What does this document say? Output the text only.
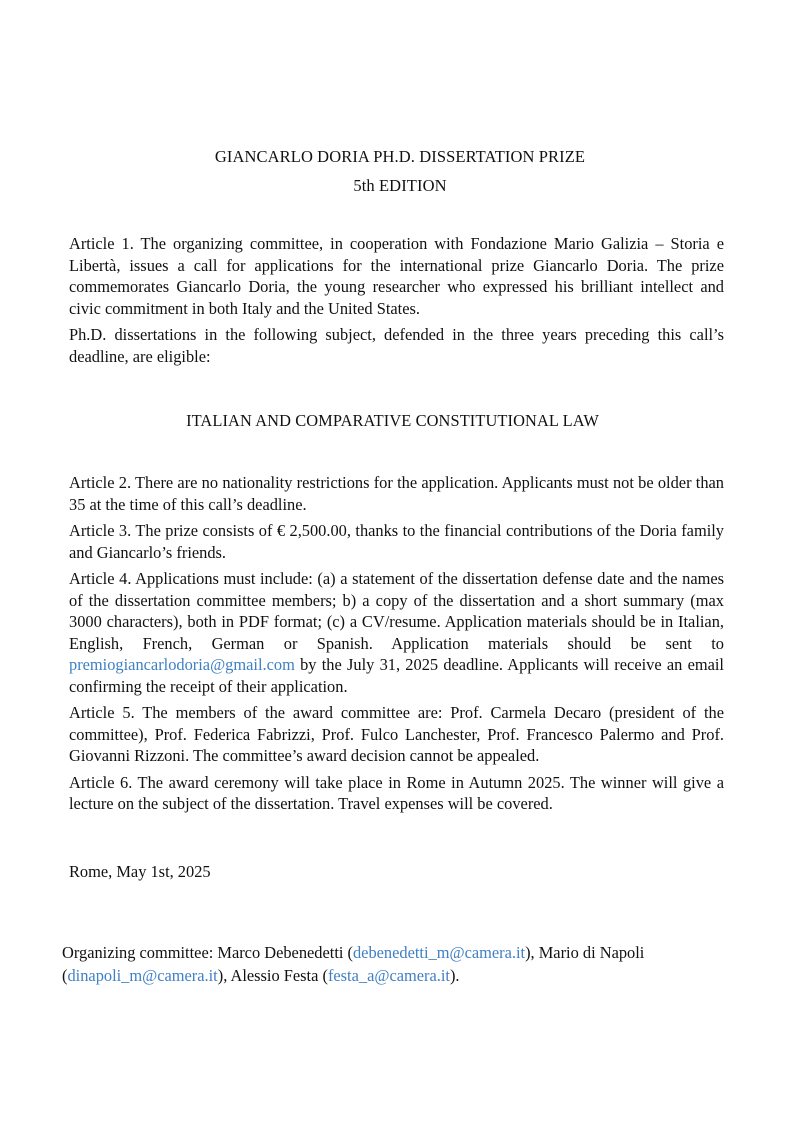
GIANCARLO DORIA PH.D. DISSERTATION PRIZE
5th EDITION

Article 1. The organizing committee, in cooperation with Fondazione Mario Galizia – Storia e Libertà, issues a call for applications for the international prize Giancarlo Doria. The prize commemorates Giancarlo Doria, the young researcher who expressed his brilliant intellect and civic commitment in both Italy and the United States.

Ph.D. dissertations in the following subject, defended in the three years preceding this call’s deadline, are eligible:

ITALIAN AND COMPARATIVE CONSTITUTIONAL LAW

Article 2. There are no nationality restrictions for the application. Applicants must not be older than 35 at the time of this call’s deadline.

Article 3. The prize consists of € 2,500.00, thanks to the financial contributions of the Doria family and Giancarlo’s friends.

Article 4. Applications must include: (a) a statement of the dissertation defense date and the names of the dissertation committee members; b) a copy of the dissertation and a short summary (max 3000 characters), both in PDF format; (c) a CV/resume. Application materials should be in Italian, English, French, German or Spanish. Application materials should be sent to premiogiancarlodoria@gmail.com by the July 31, 2025 deadline. Applicants will receive an email confirming the receipt of their application.

Article 5. The members of the award committee are: Prof. Carmela Decaro (president of the committee), Prof. Federica Fabrizzi, Prof. Fulco Lanchester, Prof. Francesco Palermo and Prof. Giovanni Rizzoni. The committee’s award decision cannot be appealed.

Article 6. The award ceremony will take place in Rome in Autumn 2025. The winner will give a lecture on the subject of the dissertation. Travel expenses will be covered.

Rome, May 1st, 2025

Organizing committee: Marco Debenedetti (debenedetti_m@camera.it), Mario di Napoli (dinapoli_m@camera.it), Alessio Festa (festa_a@camera.it).
